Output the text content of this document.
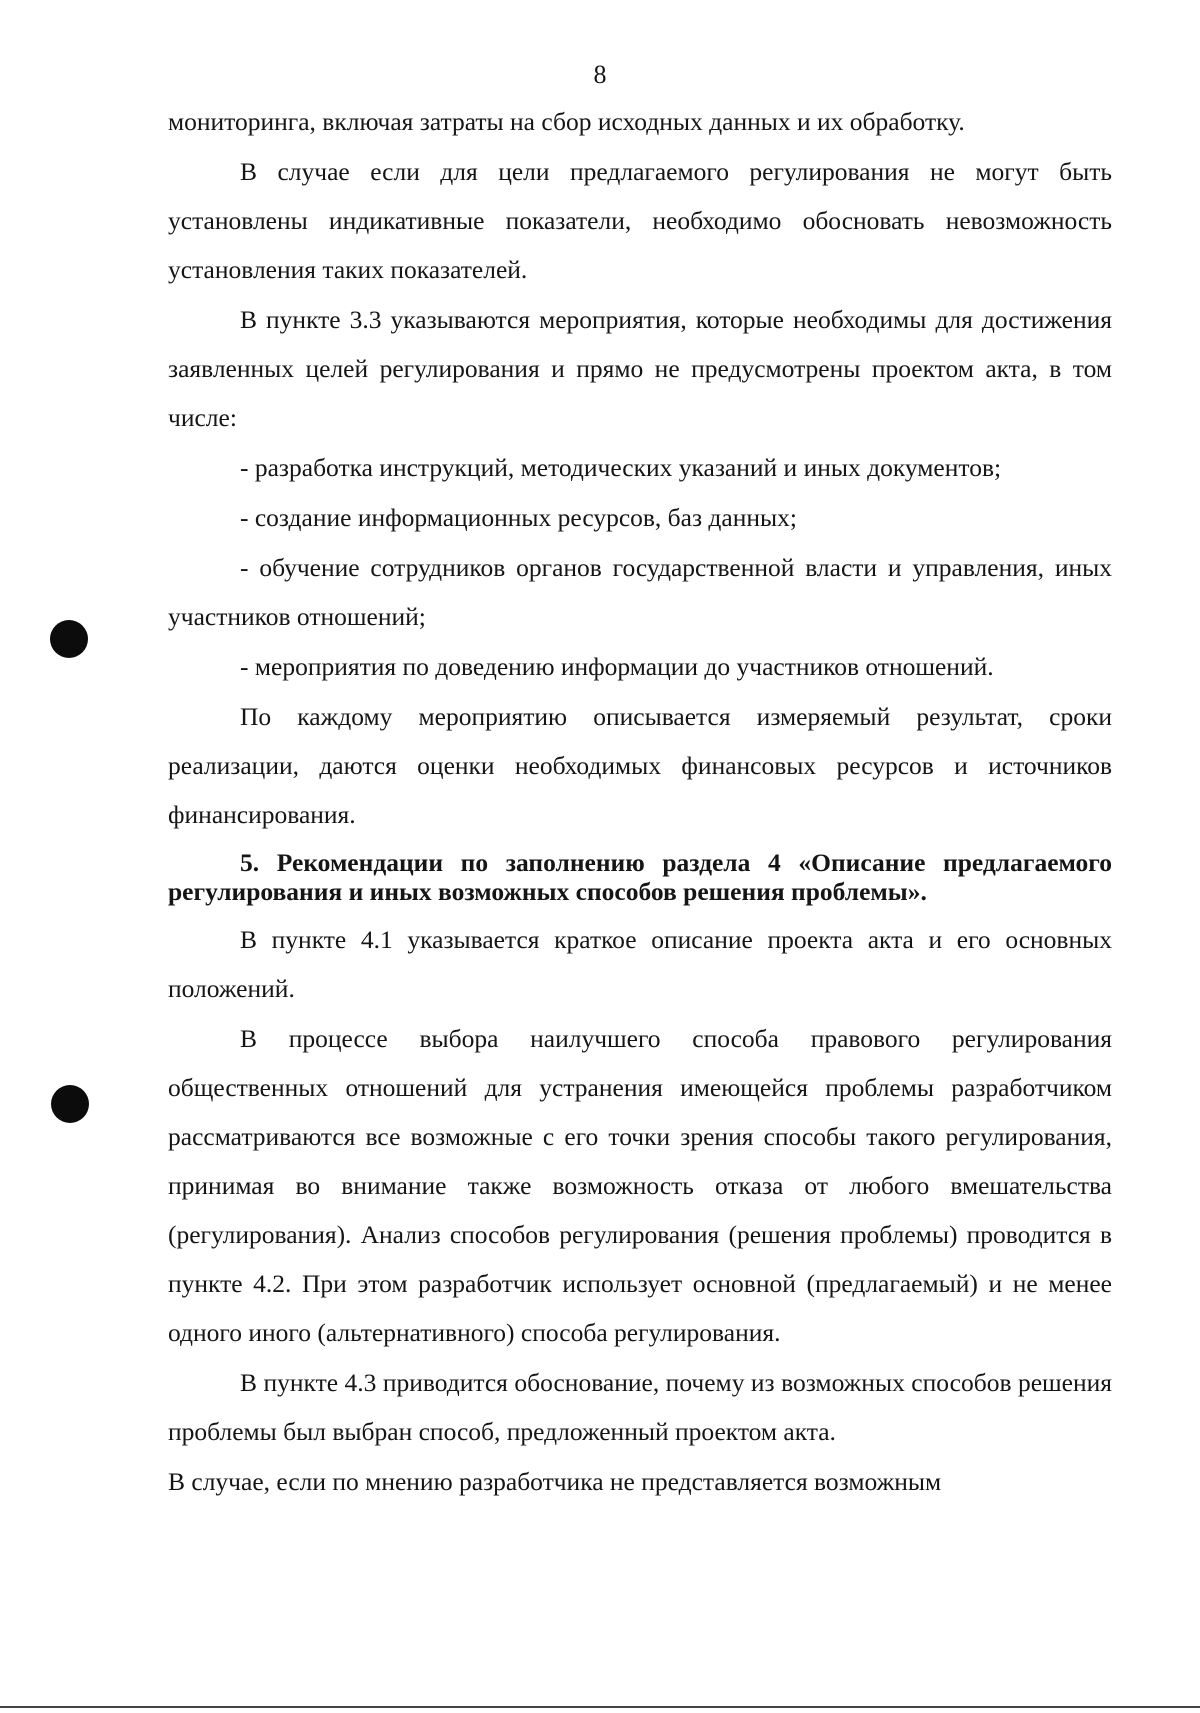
8

мониторинга, включая затраты на сбор исходных данных и их обработку.

В случае если для цели предлагаемого регулирования не могут быть установлены индикативные показатели, необходимо обосновать невозможность установления таких показателей.

В пункте 3.3 указываются мероприятия, которые необходимы для достижения заявленных целей регулирования и прямо не предусмотрены проектом акта, в том числе:

- разработка инструкций, методических указаний и иных документов;

- создание информационных ресурсов, баз данных;

- обучение сотрудников органов государственной власти и управления, иных участников отношений;

- мероприятия по доведению информации до участников отношений.

По каждому мероприятию описывается измеряемый результат, сроки реализации, даются оценки необходимых финансовых ресурсов и источников финансирования.

5. Рекомендации по заполнению раздела 4 «Описание предлагаемого регулирования и иных возможных способов решения проблемы».

В пункте 4.1 указывается краткое описание проекта акта и его основных положений.

В процессе выбора наилучшего способа правового регулирования общественных отношений для устранения имеющейся проблемы разработчиком рассматриваются все возможные с его точки зрения способы такого регулирования, принимая во внимание также возможность отказа от любого вмешательства (регулирования). Анализ способов регулирования (решения проблемы) проводится в пункте 4.2. При этом разработчик использует основной (предлагаемый) и не менее одного иного (альтернативного) способа регулирования.

В пункте 4.3 приводится обоснование, почему из возможных способов решения проблемы был выбран способ, предложенный проектом акта.

В случае, если по мнению разработчика не представляется возможным
